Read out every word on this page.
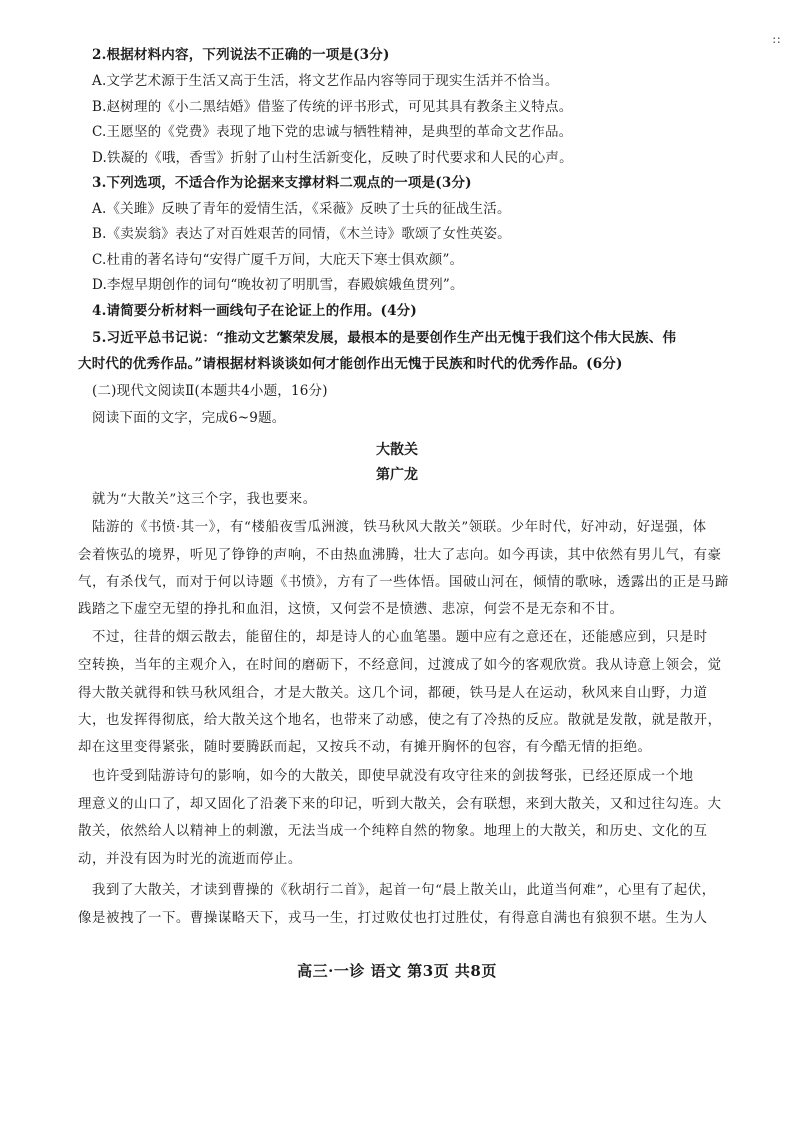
∷
2.根据材料内容，下列说法不正确的一项是(3分)
A.文学艺术源于生活又高于生活，将文艺作品内容等同于现实生活并不恰当。
B.赵树理的《小二黑结婚》借鉴了传统的评书形式，可见其具有教条主义特点。
C.王愿坚的《党费》表现了地下党的忠诚与牺牲精神，是典型的革命文艺作品。
D.铁凝的《哦，香雪》折射了山村生活新变化，反映了时代要求和人民的心声。
3.下列选项，不适合作为论据来支撑材料二观点的一项是(3分)
A.《关雎》反映了青年的爱情生活，《采薇》反映了士兵的征战生活。
B.《卖炭翁》表达了对百姓艰苦的同情，《木兰诗》歌颂了女性英姿。
C.杜甫的著名诗句“安得广厦千万间，大庇天下寒士俱欢颜”。
D.李煜早期创作的词句“晚妆初了明肌雪，春殿嫔娥鱼贯列”。
4.请简要分析材料一画线句子在论证上的作用。(4分)
5.习近平总书记说：“推动文艺繁荣发展，最根本的是要创作生产出无愧于我们这个伟大民族、伟
大时代的优秀作品。”请根据材料谈谈如何才能创作出无愧于民族和时代的优秀作品。(6分)
(二)现代文阅读Ⅱ(本题共4小题，16分)
阅读下面的文字，完成6~9题。
大散关
第广龙
就为“大散关”这三个字，我也要来。
陆游的《书愤·其一》，有“楼船夜雪瓜洲渡，铁马秋风大散关”领联。少年时代，好冲动，好逞强，体
会着恢弘的境界，听见了铮铮的声响，不由热血沸腾，壮大了志向。如今再读，其中依然有男儿气，有豪
气，有杀伐气，而对于何以诗题《书愤》，方有了一些体悟。国破山河在，倾情的歌咏，透露出的正是马蹄
践踏之下虚空无望的挣扎和血泪，这愤，又何尝不是愤懑、悲凉，何尝不是无奈和不甘。
不过，往昔的烟云散去，能留住的，却是诗人的心血笔墨。题中应有之意还在，还能感应到，只是时
空转换，当年的主观介入，在时间的磨砺下，不经意间，过渡成了如今的客观欣赏。我从诗意上领会，觉
得大散关就得和铁马秋风组合，才是大散关。这几个词，都硬，铁马是人在运动，秋风来自山野，力道
大，也发挥得彻底，给大散关这个地名，也带来了动感，使之有了冷热的反应。散就是发散，就是散开，
却在这里变得紧张，随时要腾跃而起，又按兵不动，有摊开胸怀的包容，有今酷无情的拒绝。
也许受到陆游诗句的影响，如今的大散关，即使早就没有攻守往来的剑拔弩张，已经还原成一个地
理意义的山口了，却又固化了沿袭下来的印记，听到大散关，会有联想，来到大散关，又和过往勾连。大
散关，依然给人以精神上的刺激，无法当成一个纯粹自然的物象。地理上的大散关，和历史、文化的互
动，并没有因为时光的流逝而停止。
我到了大散关，才读到曹操的《秋胡行二首》，起首一句“晨上散关山，此道当何难”，心里有了起伏，
像是被拽了一下。曹操谋略天下，戎马一生，打过败仗也打过胜仗，有得意自满也有狼狈不堪。生为人
高三·一诊 语文 第3页 共8页
